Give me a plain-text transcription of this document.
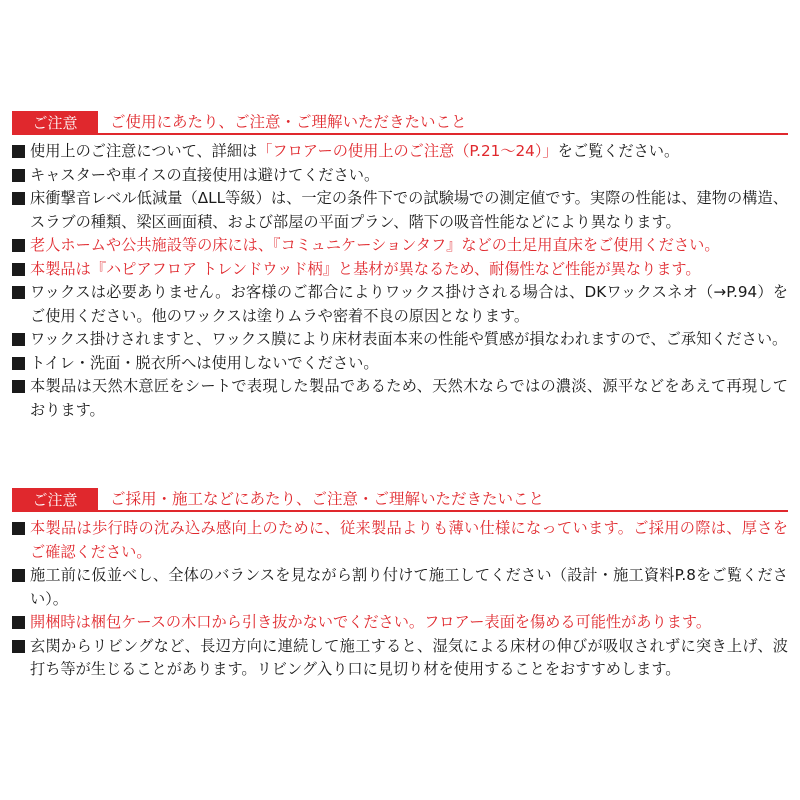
ご注意	ご使用にあたり、ご注意・ご理解いただきたいこと
使用上のご注意について、詳細は「フロアーの使用上のご注意（P.21〜24）」をご覧ください。
キャスターや車イスの直接使用は避けてください。
床衝撃音レベル低減量（ΔLL等級）は、一定の条件下での試験場での測定値です。実際の性能は、建物の構造、スラブの種類、梁区画面積、および部屋の平面プラン、階下の吸音性能などにより異なります。
老人ホームや公共施設等の床には、『コミュニケーションタフ』などの土足用直床をご使用ください。
本製品は『ハピアフロア トレンドウッド柄』と基材が異なるため、耐傷性など性能が異なります。
ワックスは必要ありません。お客様のご都合によりワックス掛けされる場合は、DKワックスネオ（→P.94）をご使用ください。他のワックスは塗りムラや密着不良の原因となります。
ワックス掛けされますと、ワックス膜により床材表面本来の性能や質感が損なわれますので、ご承知ください。
トイレ・洗面・脱衣所へは使用しないでください。
本製品は天然木意匠をシートで表現した製品であるため、天然木ならではの濃淡、源平などをあえて再現しております。
ご注意	ご採用・施工などにあたり、ご注意・ご理解いただきたいこと
本製品は歩行時の沈み込み感向上のために、従来製品よりも薄い仕様になっています。ご採用の際は、厚さをご確認ください。
施工前に仮並べし、全体のバランスを見ながら割り付けて施工してください（設計・施工資料P.8をご覧ください）。
開梱時は梱包ケースの木口から引き抜かないでください。フロアー表面を傷める可能性があります。
玄関からリビングなど、長辺方向に連続して施工すると、湿気による床材の伸びが吸収されずに突き上げ、波打ち等が生じることがあります。リビング入り口に見切り材を使用することをおすすめします。
